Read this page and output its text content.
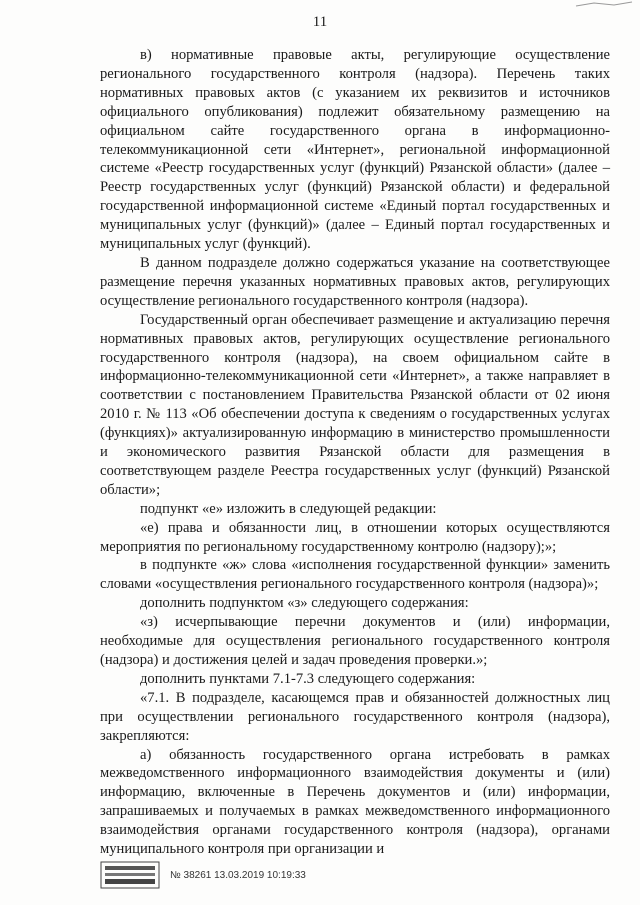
11

в) нормативные правовые акты, регулирующие осуществление регионального государственного контроля (надзора). Перечень таких нормативных правовых актов (с указанием их реквизитов и источников официального опубликования) подлежит обязательному размещению на официальном сайте государственного органа в информационно-телекоммуникационной сети «Интернет», региональной информационной системе «Реестр государственных услуг (функций) Рязанской области» (далее – Реестр государственных услуг (функций) Рязанской области) и федеральной государственной информационной системе «Единый портал государственных и муниципальных услуг (функций)» (далее – Единый портал государственных и муниципальных услуг (функций).

В данном подразделе должно содержаться указание на соответствующее размещение перечня указанных нормативных правовых актов, регулирующих осуществление регионального государственного контроля (надзора).

Государственный орган обеспечивает размещение и актуализацию перечня нормативных правовых актов, регулирующих осуществление регионального государственного контроля (надзора), на своем официальном сайте в информационно-телекоммуникационной сети «Интернет», а также направляет в соответствии с постановлением Правительства Рязанской области от 02 июня 2010 г. № 113 «Об обеспечении доступа к сведениям о государственных услугах (функциях)» актуализированную информацию в министерство промышленности и экономического развития Рязанской области для размещения в соответствующем разделе Реестра государственных услуг (функций) Рязанской области»;

подпункт «е» изложить в следующей редакции:

«е) права и обязанности лиц, в отношении которых осуществляются мероприятия по региональному государственному контролю (надзору);»;

в подпункте «ж» слова «исполнения государственной функции» заменить словами «осуществления регионального государственного контроля (надзора)»;

дополнить подпунктом «з» следующего содержания:

«з) исчерпывающие перечни документов и (или) информации, необходимые для осуществления регионального государственного контроля (надзора) и достижения целей и задач проведения проверки.»;

дополнить пунктами 7.1-7.3 следующего содержания:

«7.1. В подразделе, касающемся прав и обязанностей должностных лиц при осуществлении регионального государственного контроля (надзора), закрепляются:

а) обязанность государственного органа истребовать в рамках межведомственного информационного взаимодействия документы и (или) информацию, включенные в Перечень документов и (или) информации, запрашиваемых и получаемых в рамках межведомственного информационного взаимодействия органами государственного контроля (надзора), органами муниципального контроля при организации и

№ 38261 13.03.2019 10:19:33
